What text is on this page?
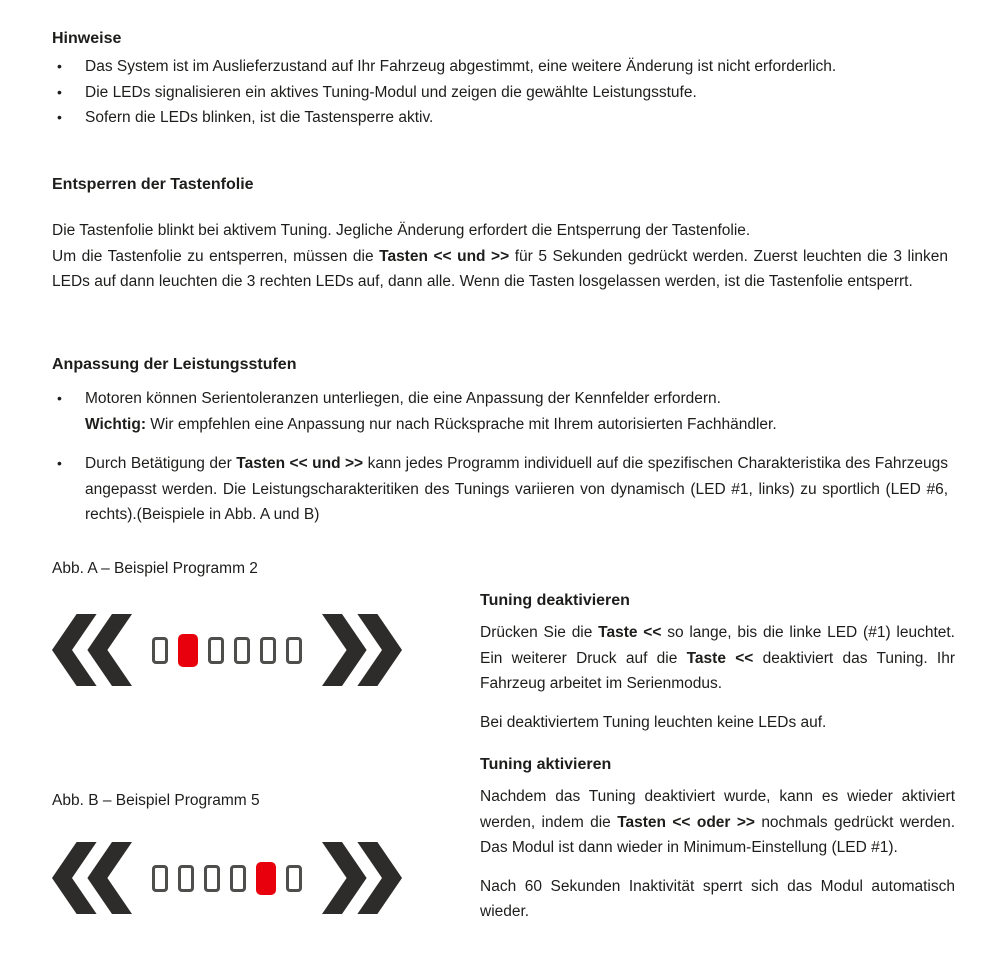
Hinweise
•	Das System ist im Auslieferzustand auf Ihr Fahrzeug abgestimmt, eine weitere Änderung ist nicht erforderlich.
•	Die LEDs signalisieren ein aktives Tuning-Modul und zeigen die gewählte Leistungsstufe.
•	Sofern die LEDs blinken, ist die Tastensperre aktiv.
Entsperren der Tastenfolie

Die Tastenfolie blinkt bei aktivem Tuning. Jegliche Änderung erfordert die Entsperrung der Tastenfolie.
Um die Tastenfolie zu entsperren, müssen die Tasten << und >> für 5 Sekunden gedrückt werden. Zuerst leuchten die 3 linken LEDs auf dann leuchten die 3 rechten LEDs auf, dann alle. Wenn die Tasten losgelassen werden, ist die Tastenfolie entsperrt.

Anpassung der Leistungsstufen
•	Motoren können Serientoleranzen unterliegen, die eine Anpassung der Kennfelder erfordern.
Wichtig: Wir empfehlen eine Anpassung nur nach Rücksprache mit Ihrem autorisierten Fachhändler.
•	Durch Betätigung der Tasten << und >> kann jedes Programm individuell auf die spezifischen Charakteristika des Fahrzeugs angepasst werden. Die Leistungscharakteritiken des Tunings variieren von dynamisch (LED #1, links) zu sportlich (LED #6, rechts).(Beispiele in Abb. A und B)

Abb. A – Beispiel Programm 2

Abb. B – Beispiel Programm 5

Tuning deaktivieren

Drücken Sie die Taste << so lange, bis die linke LED (#1) leuchtet. Ein weiterer Druck auf die Taste << deaktiviert das Tuning. Ihr Fahrzeug arbeitet im Serienmodus.

Bei deaktiviertem Tuning leuchten keine LEDs auf.

Tuning aktivieren

Nachdem das Tuning deaktiviert wurde, kann es wieder aktiviert werden, indem die Tasten << oder >> nochmals gedrückt werden. Das Modul ist dann wieder in Minimum-Einstellung (LED #1).

Nach 60 Sekunden Inaktivität sperrt sich das Modul automatisch wieder.
